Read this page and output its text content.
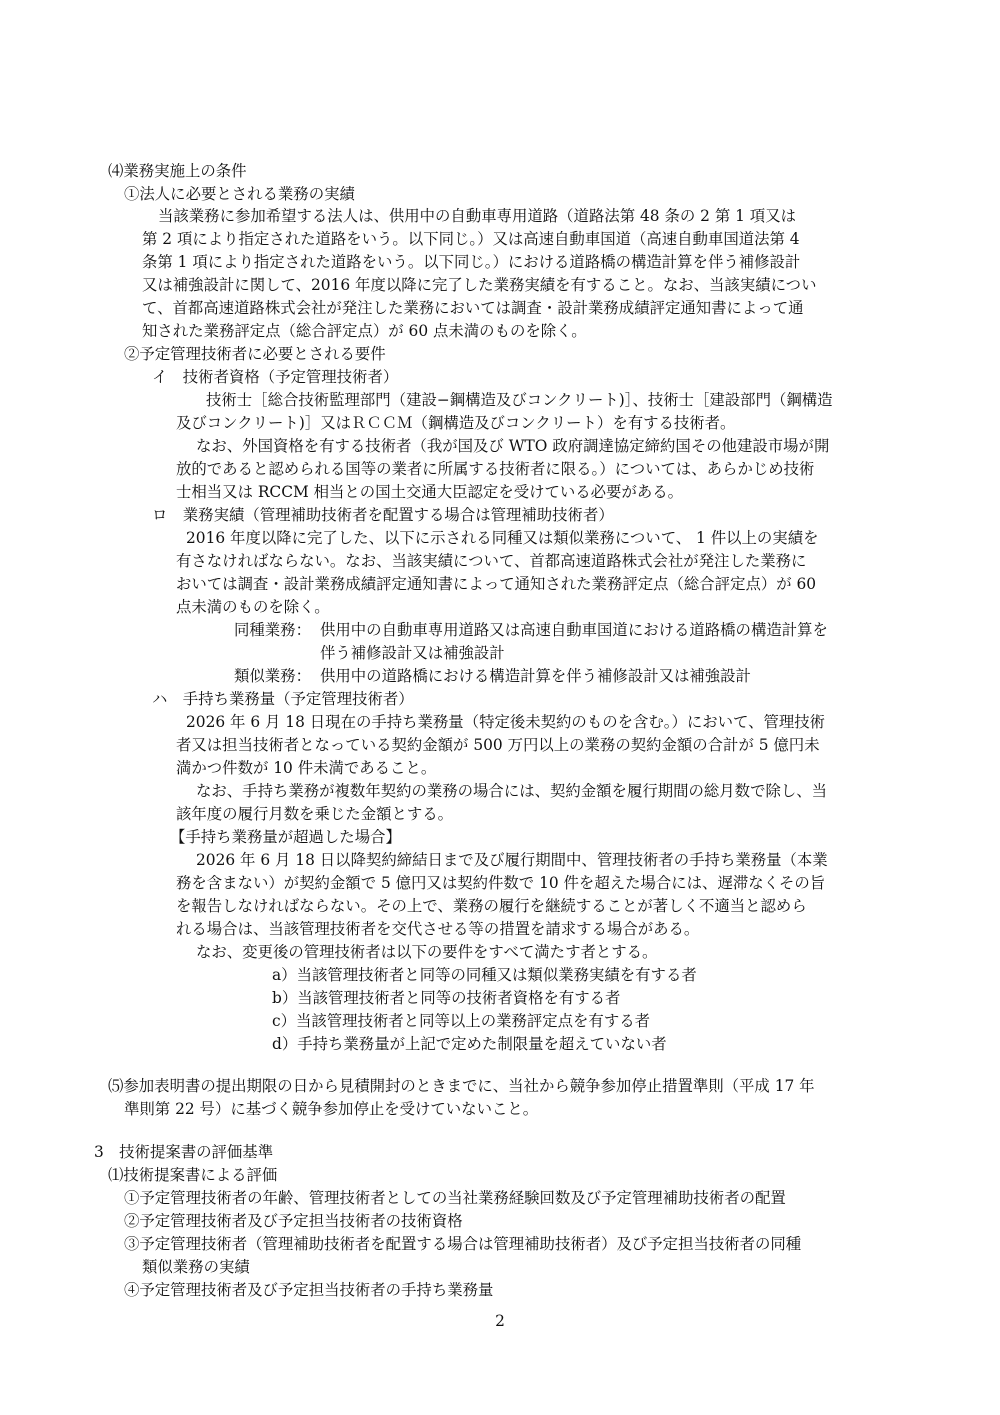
⑷業務実施上の条件
①法人に必要とされる業務の実績
当該業務に参加希望する法人は、供用中の自動車専用道路（道路法第 48 条の 2 第 1 項又は
第 2 項により指定された道路をいう。以下同じ。）又は高速自動車国道（高速自動車国道法第 4
条第 1 項により指定された道路をいう。以下同じ。）における道路橋の構造計算を伴う補修設計
又は補強設計に関して、2016 年度以降に完了した業務実績を有すること。なお、当該実績につい
て、首都高速道路株式会社が発注した業務においては調査・設計業務成績評定通知書によって通
知された業務評定点（総合評定点）が 60 点未満のものを除く。
②予定管理技術者に必要とされる要件
イ　技術者資格（予定管理技術者）
技術士［総合技術監理部門（建設−鋼構造及びコンクリート)］、技術士［建設部門（鋼構造
及びコンクリート)］又はＲＣＣＭ（鋼構造及びコンクリート）を有する技術者。
なお、外国資格を有する技術者（我が国及び WTO 政府調達協定締約国その他建設市場が開
放的であると認められる国等の業者に所属する技術者に限る。）については、あらかじめ技術
士相当又は RCCM 相当との国土交通大臣認定を受けている必要がある。
ロ　業務実績（管理補助技術者を配置する場合は管理補助技術者）
2016 年度以降に完了した、以下に示される同種又は類似業務について、 1 件以上の実績を
有さなければならない。なお、当該実績について、首都高速道路株式会社が発注した業務に
おいては調査・設計業務成績評定通知書によって通知された業務評定点（総合評定点）が 60
点未満のものを除く。
同種業務： 供用中の自動車専用道路又は高速自動車国道における道路橋の構造計算を
伴う補修設計又は補強設計
類似業務： 供用中の道路橋における構造計算を伴う補修設計又は補強設計
ハ　手持ち業務量（予定管理技術者）
2026 年 6 月 18 日現在の手持ち業務量（特定後未契約のものを含む。）において、管理技術
者又は担当技術者となっている契約金額が 500 万円以上の業務の契約金額の合計が 5 億円未
満かつ件数が 10 件未満であること。
なお、手持ち業務が複数年契約の業務の場合には、契約金額を履行期間の総月数で除し、当
該年度の履行月数を乗じた金額とする。
【手持ち業務量が超過した場合】
2026 年 6 月 18 日以降契約締結日まで及び履行期間中、管理技術者の手持ち業務量（本業
務を含まない）が契約金額で 5 億円又は契約件数で 10 件を超えた場合には、遅滞なくその旨
を報告しなければならない。その上で、業務の履行を継続することが著しく不適当と認めら
れる場合は、当該管理技術者を交代させる等の措置を請求する場合がある。
なお、変更後の管理技術者は以下の要件をすべて満たす者とする。
a）当該管理技術者と同等の同種又は類似業務実績を有する者
b）当該管理技術者と同等の技術者資格を有する者
c）当該管理技術者と同等以上の業務評定点を有する者
d）手持ち業務量が上記で定めた制限量を超えていない者
⑸参加表明書の提出期限の日から見積開封のときまでに、当社から競争参加停止措置準則（平成 17 年
準則第 22 号）に基づく競争参加停止を受けていないこと。
3　技術提案書の評価基準
⑴技術提案書による評価
①予定管理技術者の年齢、管理技術者としての当社業務経験回数及び予定管理補助技術者の配置
②予定管理技術者及び予定担当技術者の技術資格
③予定管理技術者（管理補助技術者を配置する場合は管理補助技術者）及び予定担当技術者の同種
類似業務の実績
④予定管理技術者及び予定担当技術者の手持ち業務量
2
